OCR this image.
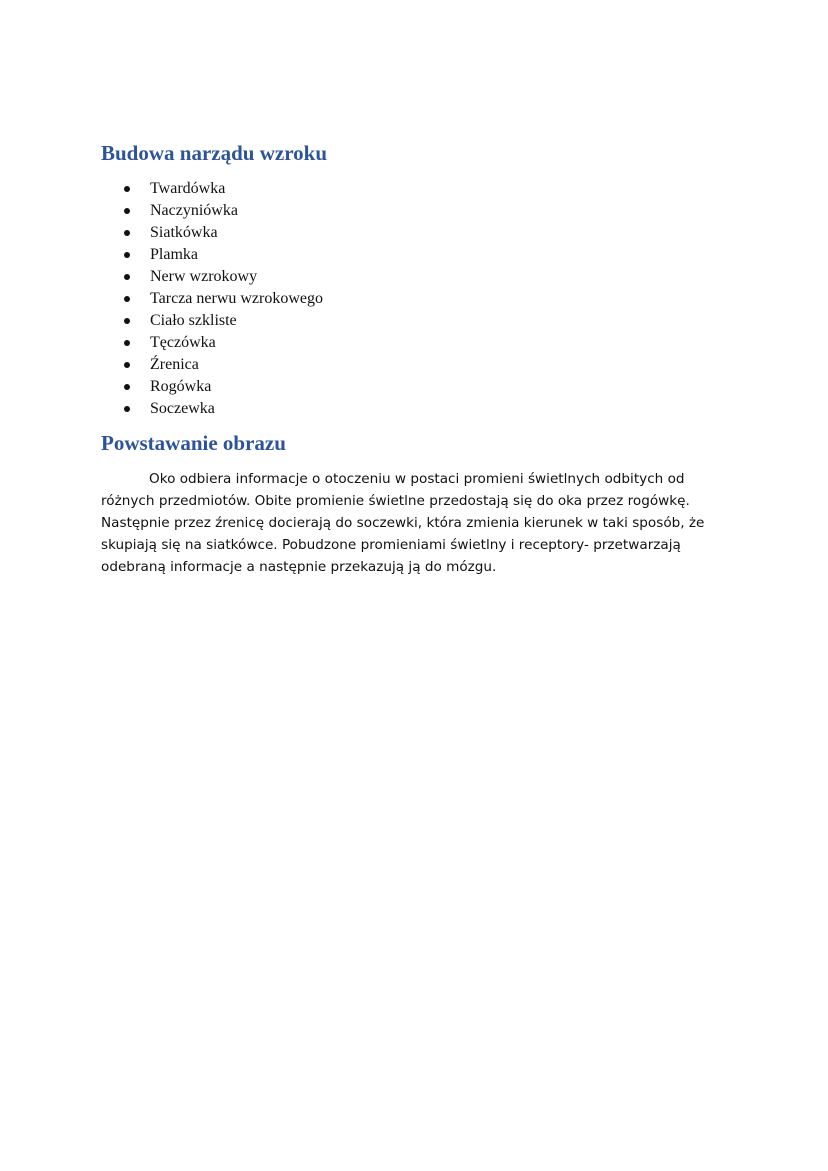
Budowa narządu wzroku
Twardówka
Naczyniówka
Siatkówka
Plamka
Nerw wzrokowy
Tarcza nerwu wzrokowego
Ciało szkliste
Tęczówka
Źrenica
Rogówka
Soczewka
Powstawanie obrazu

Oko odbiera informacje o otoczeniu w postaci promieni świetlnych odbitych od
różnych przedmiotów. Obite promienie świetlne przedostają się do oka przez rogówkę.
Następnie przez źrenicę docierają do soczewki, która zmienia kierunek w taki sposób, że
skupiają się na siatkówce. Pobudzone promieniami świetlny i receptory- przetwarzają
odebraną informacje a następnie przekazują ją do mózgu.
